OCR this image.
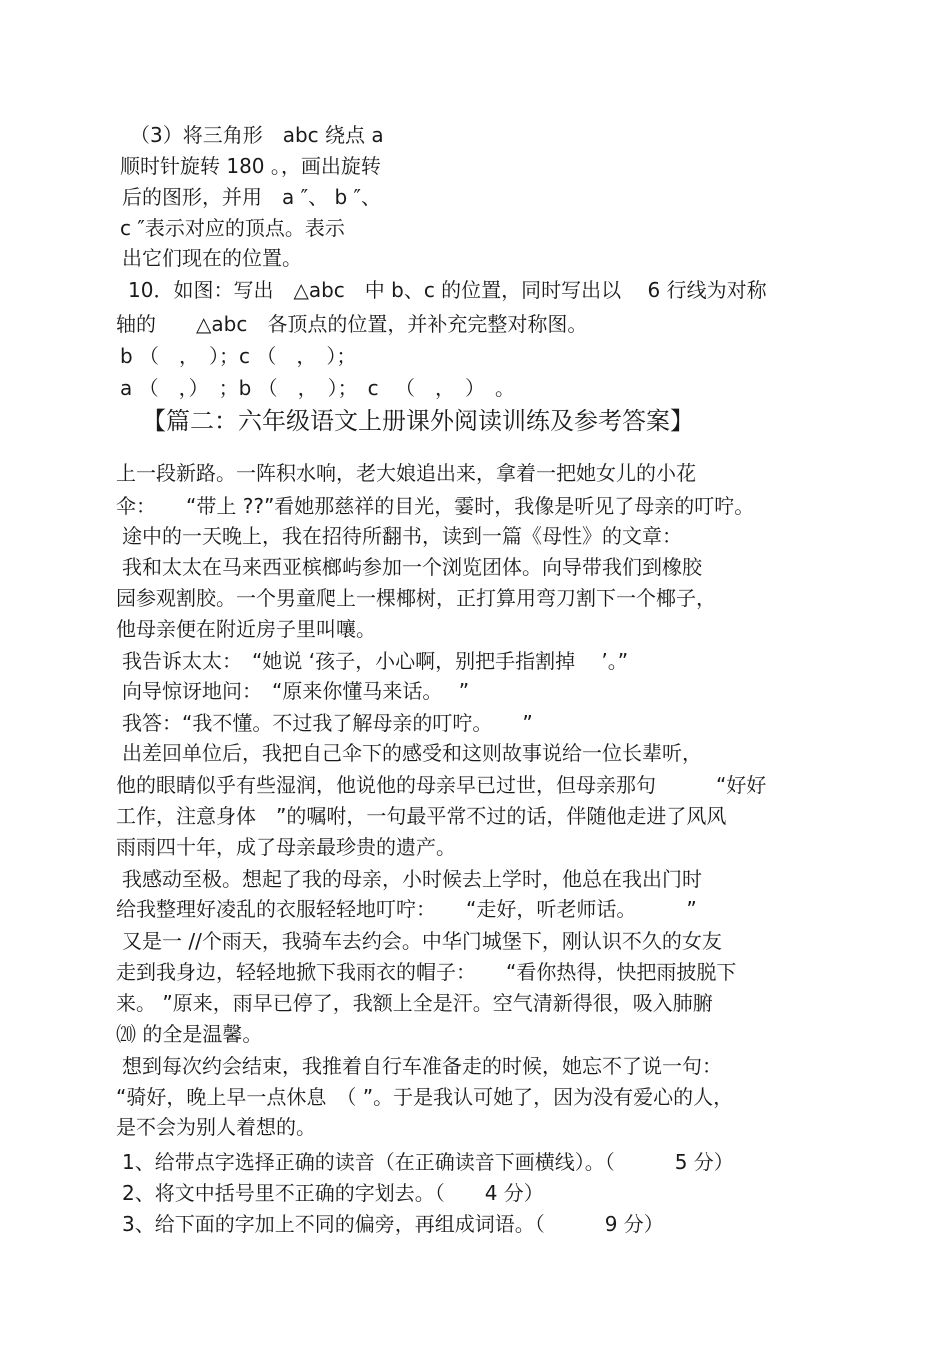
（3）将三角形　abc 绕点 a
顺时针旋转 180 。，画出旋转
后的图形，并用　a ″、 b ″、
c ″表示对应的顶点。表示
出它们现在的位置。
10．如图：写出　△abc　中 b、c 的位置，同时写出以　 6 行线为对称
轴的　　△abc　各顶点的位置，并补充完整对称图。
b （　，　）；c （　，　）；
a （　，）　；b （　，　）；　c 　（　，　）　。
【篇二：六年级语文上册课外阅读训练及参考答案】
上一段新路。一阵积水响，老大娘追出来，拿着一把她女儿的小花
伞：　　“带上 ??”看她那慈祥的目光，霎时，我像是听见了母亲的叮咛。
途中的一天晚上，我在招待所翻书，读到一篇《母性》的文章：
我和太太在马来西亚槟榔屿参加一个浏览团体。向导带我们到橡胶
园参观割胶。一个男童爬上一棵椰树，正打算用弯刀割下一个椰子，
他母亲便在附近房子里叫嚷。
我告诉太太：　“她说 ‘孩子，小心啊，别把手指割掉　 ’。”
向导惊讶地问：　“原来你懂马来话。　 ”
我答：“我不懂。不过我了解母亲的叮咛。　　”
出差回单位后，我把自己伞下的感受和这则故事说给一位长辈听，
他的眼睛似乎有些湿润，他说他的母亲早已过世，但母亲那句　　　“好好
工作，注意身体　”的嘱咐，一句最平常不过的话，伴随他走进了风风
雨雨四十年，成了母亲最珍贵的遗产。
我感动至极。想起了我的母亲，小时候去上学时，他总在我出门时
给我整理好凌乱的衣服轻轻地叮咛：　　“走好，听老师话。　　　”
又是一 //个雨天，我骑车去约会。中华门城堡下，刚认识不久的女友
走到我身边，轻轻地掀下我雨衣的帽子：　　“看你热得，快把雨披脱下
来。 ”原来，雨早已停了，我额上全是汗。空气清新得很，吸入肺腑
⒇ 的全是温馨。
想到每次约会结束，我推着自行车准备走的时候，她忘不了说一句：
“骑好，晚上早一点休息　（ ”。于是我认可她了，因为没有爱心的人，
是不会为别人着想的。
1、给带点字选择正确的读音（在正确读音下画横线）。（　　　5 分）
2、将文中括号里不正确的字划去。（　　4 分）
3、给下面的字加上不同的偏旁，再组成词语。（　　　9 分）
